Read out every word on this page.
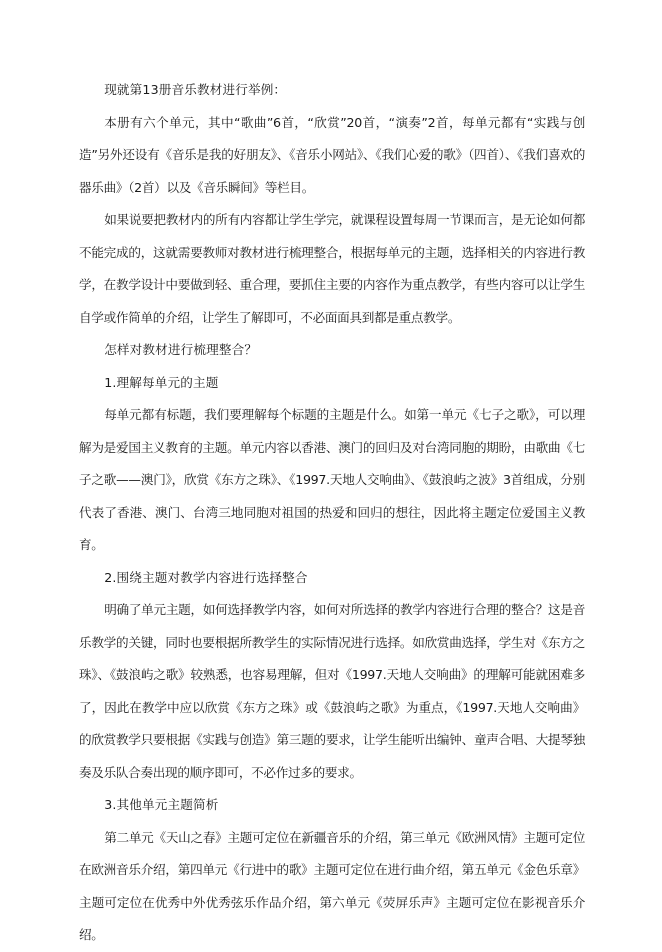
现就第13册音乐教材进行举例：

本册有六个单元，其中“歌曲”6首，“欣赏”20首，“演奏”2首，每单元都有“实践与创造”另外还设有《音乐是我的好朋友》、《音乐小网站》、《我们心爱的歌》（四首）、《我们喜欢的器乐曲》（2首）以及《音乐瞬间》等栏目。

如果说要把教材内的所有内容都让学生学完，就课程设置每周一节课而言，是无论如何都不能完成的，这就需要教师对教材进行梳理整合，根据每单元的主题，选择相关的内容进行教学，在教学设计中要做到轻、重合理，要抓住主要的内容作为重点教学，有些内容可以让学生自学或作简单的介绍，让学生了解即可，不必面面具到都是重点教学。

怎样对教材进行梳理整合？

1.理解每单元的主题

每单元都有标题，我们要理解每个标题的主题是什么。如第一单元《七子之歌》，可以理解为是爱国主义教育的主题。单元内容以香港、澳门的回归及对台湾同胞的期盼，由歌曲《七子之歌——澳门》，欣赏《东方之珠》、《1997.天地人交响曲》、《鼓浪屿之波》3首组成，分别代表了香港、澳门、台湾三地同胞对祖国的热爱和回归的想往，因此将主题定位爱国主义教育。

2.围绕主题对教学内容进行选择整合

明确了单元主题，如何选择教学内容，如何对所选择的教学内容进行合理的整合？这是音乐教学的关键，同时也要根据所教学生的实际情况进行选择。如欣赏曲选择，学生对《东方之珠》、《鼓浪屿之歌》较熟悉，也容易理解，但对《1997.天地人交响曲》的理解可能就困难多了，因此在教学中应以欣赏《东方之珠》或《鼓浪屿之歌》为重点，《1997.天地人交响曲》的欣赏教学只要根据《实践与创造》第三题的要求，让学生能听出编钟、童声合唱、大提琴独奏及乐队合奏出现的顺序即可，不必作过多的要求。

3.其他单元主题简析

第二单元《天山之春》主题可定位在新疆音乐的介绍，第三单元《欧洲风情》主题可定位在欧洲音乐介绍，第四单元《行进中的歌》主题可定位在进行曲介绍，第五单元《金色乐章》主题可定位在优秀中外优秀弦乐作品介绍，第六单元《荧屏乐声》主题可定位在影视音乐介绍。
